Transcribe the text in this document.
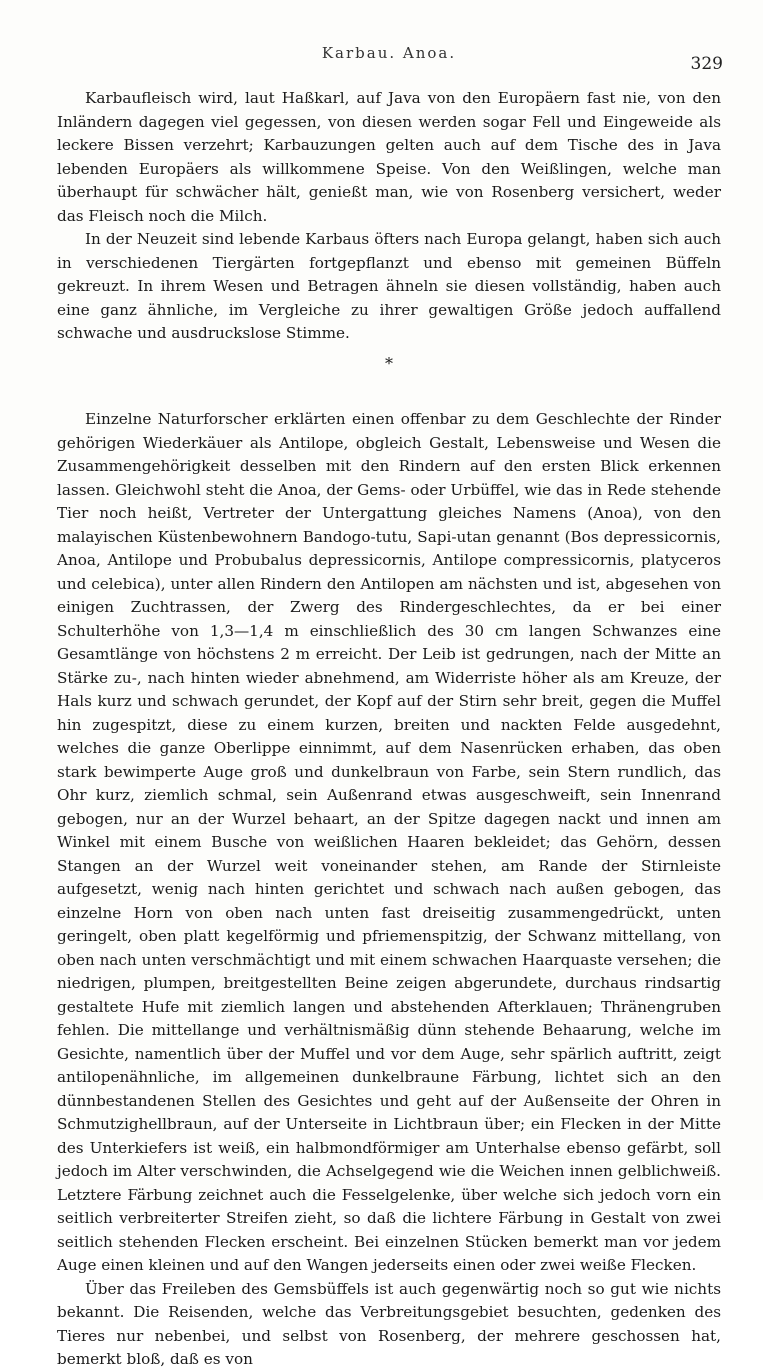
Karbau. Anoa.
329

Karbaufleisch wird, laut Haßkarl, auf Java von den Europäern fast nie, von den Inländern dagegen viel gegessen, von diesen werden sogar Fell und Eingeweide als leckere Bissen verzehrt; Karbauzungen gelten auch auf dem Tische des in Java lebenden Europäers als willkommene Speise. Von den Weißlingen, welche man überhaupt für schwächer hält, genießt man, wie von Rosenberg versichert, weder das Fleisch noch die Milch.

In der Neuzeit sind lebende Karbaus öfters nach Europa gelangt, haben sich auch in verschiedenen Tiergärten fortgepflanzt und ebenso mit gemeinen Büffeln gekreuzt. In ihrem Wesen und Betragen ähneln sie diesen vollständig, haben auch eine ganz ähnliche, im Vergleiche zu ihrer gewaltigen Größe jedoch auffallend schwache und ausdruckslose Stimme.

*

Einzelne Naturforscher erklärten einen offenbar zu dem Geschlechte der Rinder gehörigen Wiederkäuer als Antilope, obgleich Gestalt, Lebensweise und Wesen die Zusammengehörigkeit desselben mit den Rindern auf den ersten Blick erkennen lassen. Gleichwohl steht die Anoa, der Gems- oder Urbüffel, wie das in Rede stehende Tier noch heißt, Vertreter der Untergattung gleiches Namens (Anoa), von den malayischen Küstenbewohnern Bandogo-tutu, Sapi-utan genannt (Bos depressicornis, Anoa, Antilope und Probubalus depressicornis, Antilope compressicornis, platyceros und celebica), unter allen Rindern den Antilopen am nächsten und ist, abgesehen von einigen Zuchtrassen, der Zwerg des Rindergeschlechtes, da er bei einer Schulterhöhe von 1,3—1,4 m einschließlich des 30 cm langen Schwanzes eine Gesamtlänge von höchstens 2 m erreicht. Der Leib ist gedrungen, nach der Mitte an Stärke zu-, nach hinten wieder abnehmend, am Widerriste höher als am Kreuze, der Hals kurz und schwach gerundet, der Kopf auf der Stirn sehr breit, gegen die Muffel hin zugespitzt, diese zu einem kurzen, breiten und nackten Felde ausgedehnt, welches die ganze Oberlippe einnimmt, auf dem Nasenrücken erhaben, das oben stark bewimperte Auge groß und dunkelbraun von Farbe, sein Stern rundlich, das Ohr kurz, ziemlich schmal, sein Außenrand etwas ausgeschweift, sein Innenrand gebogen, nur an der Wurzel behaart, an der Spitze dagegen nackt und innen am Winkel mit einem Busche von weißlichen Haaren bekleidet; das Gehörn, dessen Stangen an der Wurzel weit voneinander stehen, am Rande der Stirnleiste aufgesetzt, wenig nach hinten gerichtet und schwach nach außen gebogen, das einzelne Horn von oben nach unten fast dreiseitig zusammengedrückt, unten geringelt, oben platt kegelförmig und pfriemenspitzig, der Schwanz mittellang, von oben nach unten verschmächtigt und mit einem schwachen Haarquaste versehen; die niedrigen, plumpen, breitgestellten Beine zeigen abgerundete, durchaus rindsartig gestaltete Hufe mit ziemlich langen und abstehenden Afterklauen; Thränengruben fehlen. Die mittellange und verhältnismäßig dünn stehende Behaarung, welche im Gesichte, namentlich über der Muffel und vor dem Auge, sehr spärlich auftritt, zeigt antilopenähnliche, im allgemeinen dunkelbraune Färbung, lichtet sich an den dünnbestandenen Stellen des Gesichtes und geht auf der Außenseite der Ohren in Schmutzighellbraun, auf der Unterseite in Lichtbraun über; ein Flecken in der Mitte des Unterkiefers ist weiß, ein halbmondförmiger am Unterhalse ebenso gefärbt, soll jedoch im Alter verschwinden, die Achselgegend wie die Weichen innen gelblichweiß. Letztere Färbung zeichnet auch die Fesselgelenke, über welche sich jedoch vorn ein seitlich verbreiterter Streifen zieht, so daß die lichtere Färbung in Gestalt von zwei seitlich stehenden Flecken erscheint. Bei einzelnen Stücken bemerkt man vor jedem Auge einen kleinen und auf den Wangen jederseits einen oder zwei weiße Flecken.

Über das Freileben des Gemsbüffels ist auch gegenwärtig noch so gut wie nichts bekannt. Die Reisenden, welche das Verbreitungsgebiet besuchten, gedenken des Tieres nur nebenbei, und selbst von Rosenberg, der mehrere geschossen hat, bemerkt bloß, daß es von
